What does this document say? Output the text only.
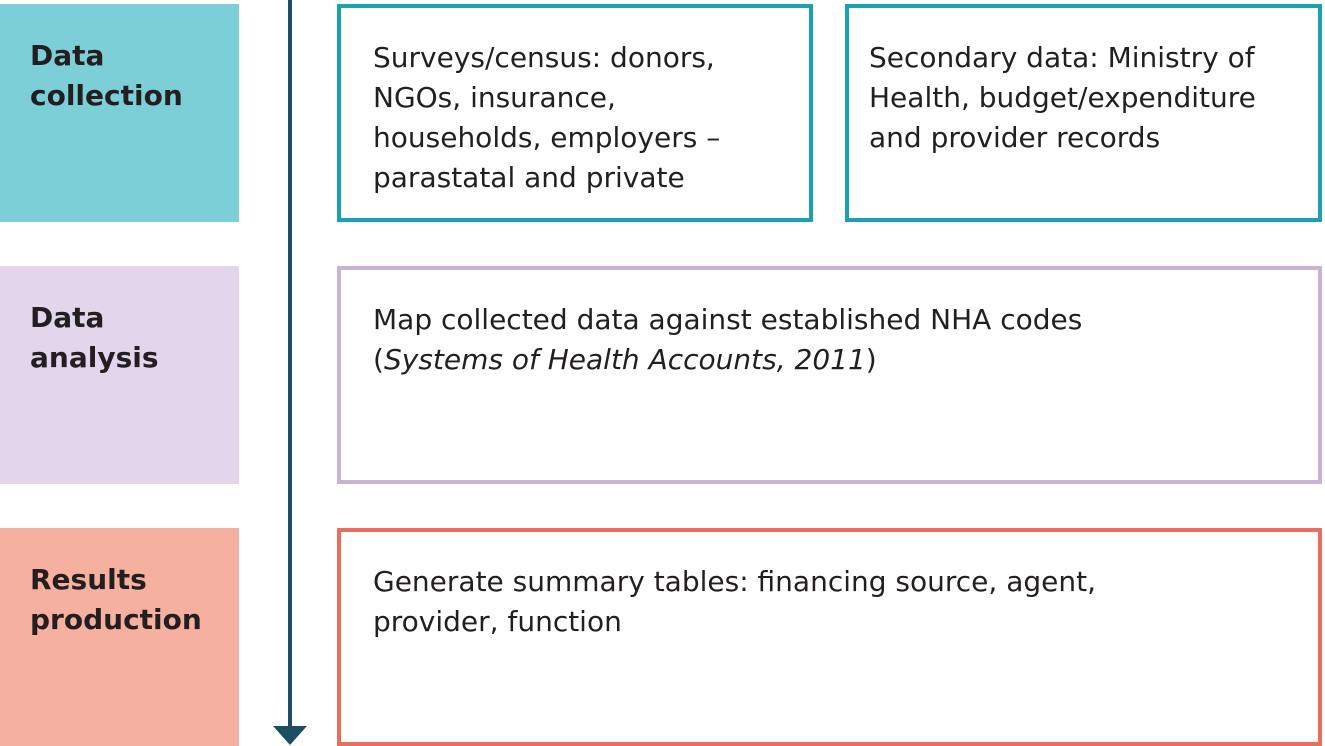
Data
collection
Data
analysis
Results
production
Surveys/census: donors,
NGOs, insurance,
households, employers –
parastatal and private
Secondary data: Ministry of
Health, budget/expenditure
and provider records
Map collected data against established NHA codes
(Systems of Health Accounts, 2011)
Generate summary tables: financing source, agent,
provider, function
